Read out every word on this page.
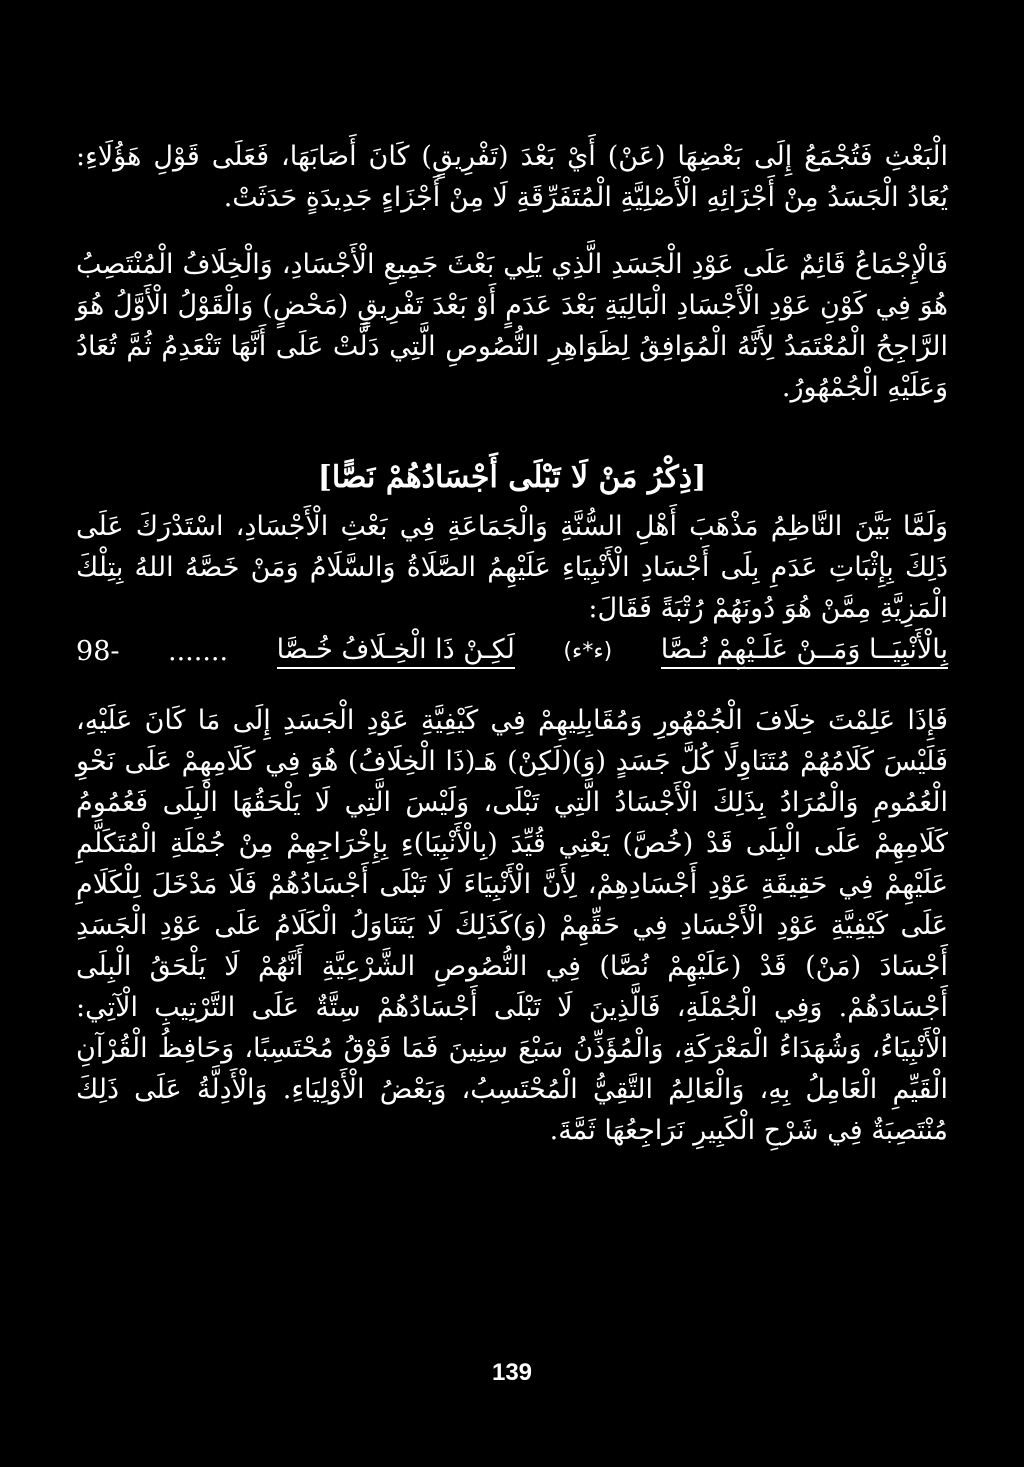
الْبَعْثِ فَتُجْمَعُ إِلَى بَعْضِهَا (عَنْ) أَيْ بَعْدَ (تَفْرِيقٍ) كَانَ أَصَابَهَا، فَعَلَى قَوْلِ هَؤُلَاءِ: يُعَادُ الْجَسَدُ مِنْ أَجْزَائِهِ الْأَصْلِيَّةِ الْمُتَفَرِّقَةِ لَا مِنْ أَجْزَاءٍ جَدِيدَةٍ حَدَثَتْ.
فَالْإِجْمَاعُ قَائِمٌ عَلَى عَوْدِ الْجَسَدِ الَّذِي يَلِي بَعْثَ جَمِيعِ الْأَجْسَادِ، وَالْخِلَافُ الْمُنْتَصِبُ هُوَ فِي كَوْنِ عَوْدِ الْأَجْسَادِ الْبَالِيَةِ بَعْدَ عَدَمٍ أَوْ بَعْدَ تَفْرِيقٍ (مَحْضٍ) وَالْقَوْلُ الْأَوَّلُ هُوَ الرَّاجِحُ الْمُعْتَمَدُ لِأَنَّهُ الْمُوَافِقُ لِظَوَاهِرِ النُّصُوصِ الَّتِي دَلَّتْ عَلَى أَنَّهَا تَنْعَدِمُ ثُمَّ تُعَادُ وَعَلَيْهِ الْجُمْهُورُ.
[ذِكْرُ مَنْ لَا تَبْلَى أَجْسَادُهُمْ نَصًّا]
وَلَمَّا بَيَّنَ النَّاظِمُ مَذْهَبَ أَهْلِ السُّنَّةِ وَالْجَمَاعَةِ فِي بَعْثِ الْأَجْسَادِ، اسْتَدْرَكَ عَلَى ذَلِكَ بِإِثْبَاتِ عَدَمِ بِلَى أَجْسَادِ الْأَنْبِيَاءِ عَلَيْهِمُ الصَّلَاةُ وَالسَّلَامُ وَمَنْ خَصَّهُ اللهُ بِتِلْكَ الْمَزِيَّةِ مِمَّنْ هُوَ دُونَهُمْ رُتْبَةً فَقَالَ:
بِالْأَنْبِيَــا وَمَــنْ عَلَـيْهِمْ نُـصَّا
(ء*ء)
لَكِـنْ ذَا الْخِـلَافُ خُـصَّا
.......
98-
فَإِذَا عَلِمْتَ خِلَافَ الْجُمْهُورِ وَمُقَابِلِيهِمْ فِي كَيْفِيَّةِ عَوْدِ الْجَسَدِ إِلَى مَا كَانَ عَلَيْهِ، فَلَيْسَ كَلَامُهُمْ مُتَنَاوِلًا كُلَّ جَسَدٍ (وَ)(لَكِنْ) هَـ(ذَا الْخِلَافُ) هُوَ فِي كَلَامِهِمْ عَلَى نَحْوِ الْعُمُومِ وَالْمُرَادُ بِذَلِكَ الْأَجْسَادُ الَّتِي تَبْلَى، وَلَيْسَ الَّتِي لَا يَلْحَقُهَا الْبِلَى فَعُمُومُ كَلَامِهِمْ عَلَى الْبِلَى قَدْ (خُصَّ) يَعْنِي قُيِّدَ (بِالْأَنْبِيَا)ءِ بِإِخْرَاجِهِمْ مِنْ جُمْلَةِ الْمُتَكَلَّمِ عَلَيْهِمْ فِي حَقِيقَةِ عَوْدِ أَجْسَادِهِمْ، لِأَنَّ الْأَنْبِيَاءَ لَا تَبْلَى أَجْسَادُهُمْ فَلَا مَدْخَلَ لِلْكَلَامِ عَلَى كَيْفِيَّةِ عَوْدِ الْأَجْسَادِ فِي حَقِّهِمْ (وَ)كَذَلِكَ لَا يَتَنَاوَلُ الْكَلَامُ عَلَى عَوْدِ الْجَسَدِ أَجْسَادَ (مَنْ) قَدْ (عَلَيْهِمْ نُصَّا) فِي النُّصُوصِ الشَّرْعِيَّةِ أَنَّهُمْ لَا يَلْحَقُ الْبِلَى أَجْسَادَهُمْ. وَفِي الْجُمْلَةِ، فَالَّذِينَ لَا تَبْلَى أَجْسَادُهُمْ سِتَّةٌ عَلَى التَّرْتِيبِ الْآتِي: الْأَنْبِيَاءُ، وَشُهَدَاءُ الْمَعْرَكَةِ، وَالْمُؤَذِّنُ سَبْعَ سِنِينَ فَمَا فَوْقُ مُحْتَسِبًا، وَحَافِظُ الْقُرْآنِ الْقَيِّمِ الْعَامِلُ بِهِ، وَالْعَالِمُ التَّقِيُّ الْمُحْتَسِبُ، وَبَعْضُ الْأَوْلِيَاءِ. وَالْأَدِلَّةُ عَلَى ذَلِكَ مُنْتَصِبَةٌ فِي شَرْحِ الْكَبِيرِ نَرَاجِعُهَا ثَمَّةَ.
139
